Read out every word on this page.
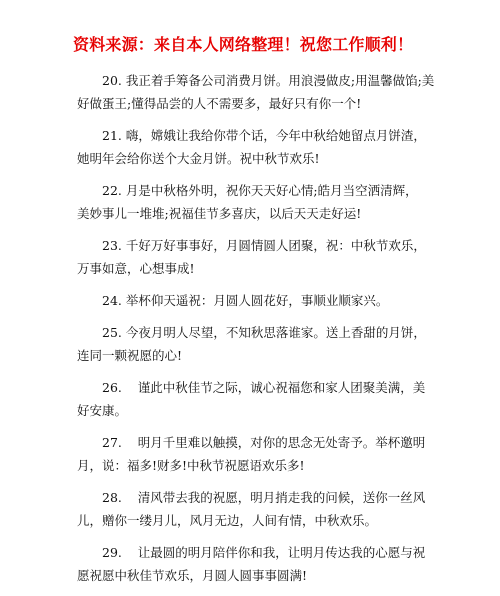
资料来源：来自本人网络整理！祝您工作顺利！

20. 我正着手筹备公司消费月饼。用浪漫做皮;用温馨做馅;美
好做蛋王;懂得品尝的人不需要多，最好只有你一个!

21. 嗨，嫦娥让我给你带个话，今年中秋给她留点月饼渣，
她明年会给你送个大金月饼。祝中秋节欢乐!

22. 月是中秋格外明，祝你天天好心情;皓月当空洒清辉，
美妙事儿一堆堆;祝福佳节多喜庆，以后天天走好运!

23. 千好万好事事好，月圆情圆人团聚，祝：中秋节欢乐，
万事如意，心想事成!

24. 举杯仰天遥祝：月圆人圆花好，事顺业顺家兴。

25. 今夜月明人尽望，不知秋思落谁家。送上香甜的月饼，
连同一颗祝愿的心!

26.    谨此中秋佳节之际，诚心祝福您和家人团聚美满，美
好安康。

27.    明月千里难以触摸，对你的思念无处寄予。举杯邀明
月，说：福多!财多!中秋节祝愿语欢乐多!

28.    清风带去我的祝愿，明月捎走我的问候，送你一丝风
儿，赠你一缕月儿，风月无边，人间有情，中秋欢乐。

29.    让最圆的明月陪伴你和我，让明月传达我的心愿与祝
愿祝愿中秋佳节欢乐，月圆人圆事事圆满!
